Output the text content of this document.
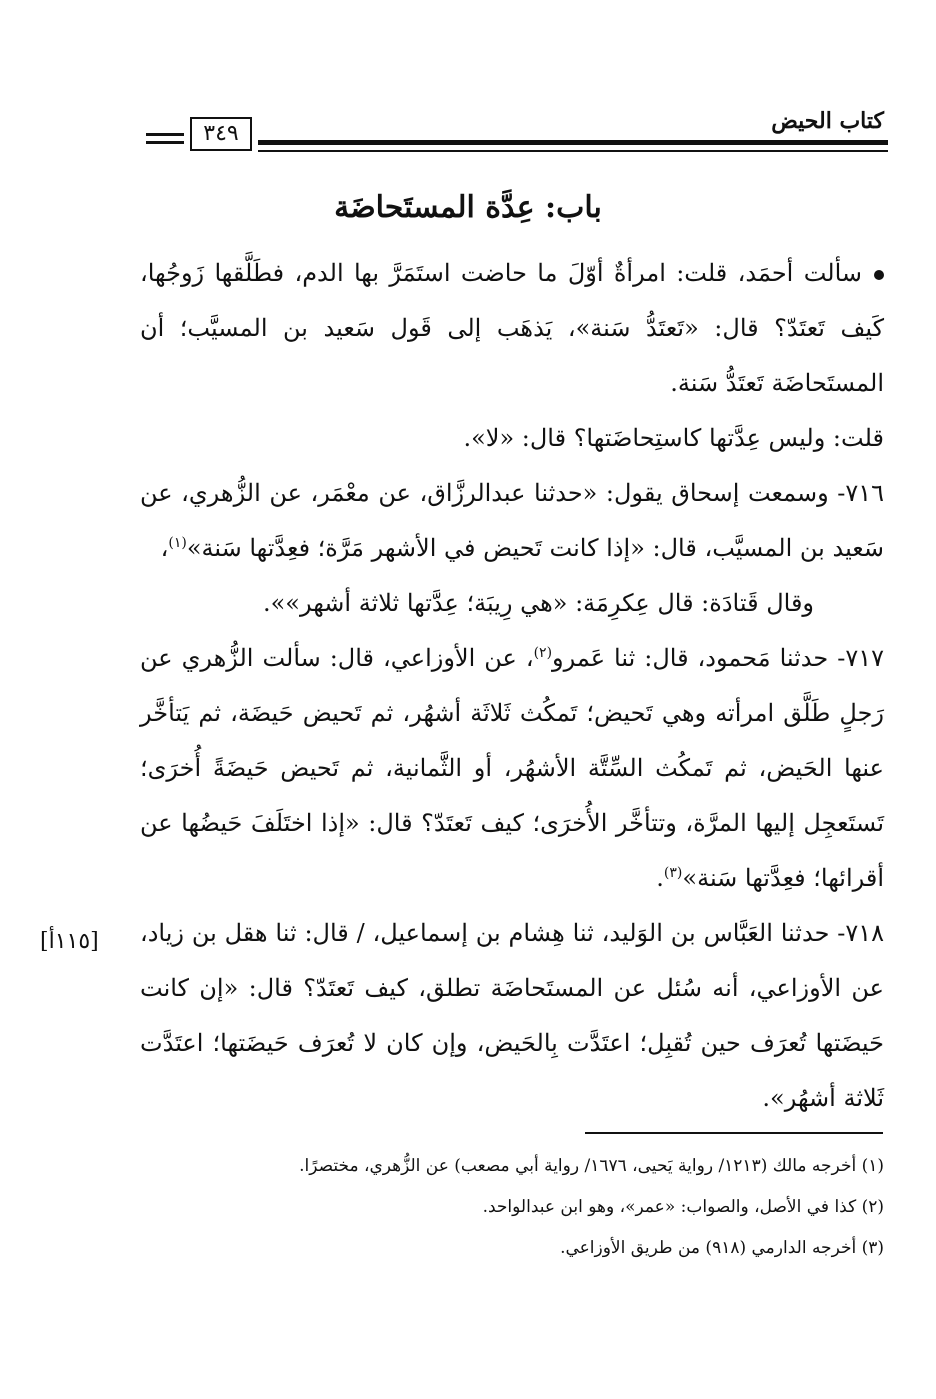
كتاب الحيض
٣٤٩
باب: عِدَّة المستَحاضَة

سألت أحمَد، قلت: امرأةٌ أوّلَ ما حاضت استَمَرَّ بها الدم، فطَلَّقها زَوجُها، كَيف تَعتَدّ؟ قال: «تَعتَدُّ سَنة»، يَذهَب إلى قَول سَعيد بن المسيَّب؛ أن المستَحاضَة تَعتَدُّ سَنة.

قلت: وليس عِدَّتها كاستِحاضَتها؟ قال: «لا».

٧١٦- وسمعت إسحاق يقول: «حدثنا عبدالرزَّاق، عن معْمَر، عن الزُّهري، عن سَعيد بن المسيَّب، قال: «إذا كانت تَحيض في الأشهر مَرَّة؛ فعِدَّتها سَنة»$^{(١)}$،

وقال قَتادَة: قال عِكرِمَة: «هي رِيبَة؛ عِدَّتها ثلاثة أشهر»».

٧١٧- حدثنا مَحمود، قال: ثنا عَمرو$^{(٢)}$، عن الأوزاعي، قال: سألت الزُّهري عن رَجلٍ طَلَّق امرأته وهي تَحيض؛ تَمكُث ثَلاثَة أشهُر، ثم تَحيض حَيضَة، ثم يَتأخَّر عنها الحَيض، ثم تَمكُث السِّتَّة الأشهُر، أو الثَّمانية، ثم تَحيض حَيضَةً أُخرَى؛ تَستَعجِل إليها المرَّة، وتتأخَّر الأُخرَى؛ كيف تَعتَدّ؟ قال: «إذا اختَلَفَ حَيضُها عن أقرائها؛ فعِدَّتها سَنة»$^{(٣)}$.

٧١٨- حدثنا العَبَّاس بن الوَليد، ثنا هِشام بن إسماعيل، / قال: ثنا هقل بن زياد، عن الأوزاعي، أنه سُئل عن المستَحاضَة تطلق، كيف تَعتَدّ؟ قال: «إن كانت حَيضَتها تُعرَف حين تُقبِل؛ اعتَدَّت بِالحَيض، وإن كان لا تُعرَف حَيضَتها؛ اعتَدَّت ثَلاثة أشهُر».

[١١٥أ]

(١) أخرجه مالك (١٢١٣/ رواية يَحيى، ١٦٧٦/ رواية أبي مصعب) عن الزُّهري، مختصرًا.

(٢) كذا في الأصل، والصواب: «عمر»، وهو ابن عبدالواحد.

(٣) أخرجه الدارمي (٩١٨) من طريق الأوزاعي.
